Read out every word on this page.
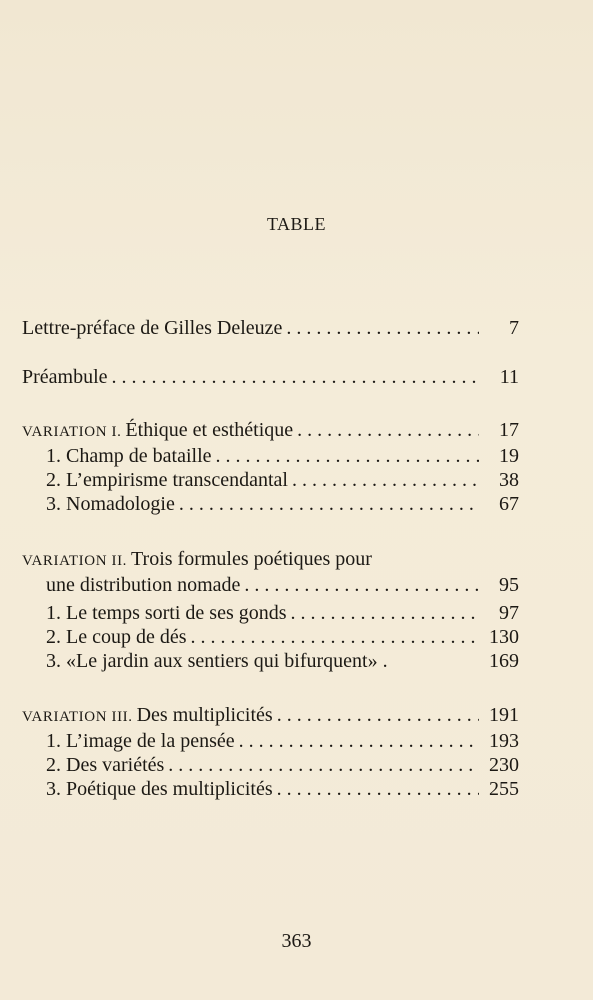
TABLE
Lettre-préface de Gilles Deleuze . . .	7
Préambule . . .	11
VARIATION I. Éthique et esthétique . . .	17
1. Champ de bataille . . .	19
2. L’empirisme transcendantal . . .	38
3. Nomadologie . . .	67
VARIATION II. Trois formules poétiques pour
une distribution nomade . . .	95
1. Le temps sorti de ses gonds . . .	97
2. Le coup de dés . . .	130
3. «Le jardin aux sentiers qui bifurquent» .	169
VARIATION III. Des multiplicités . . .	191
1. L’image de la pensée . . .	193
2. Des variétés . . .	230
3. Poétique des multiplicités . . .	255
363
